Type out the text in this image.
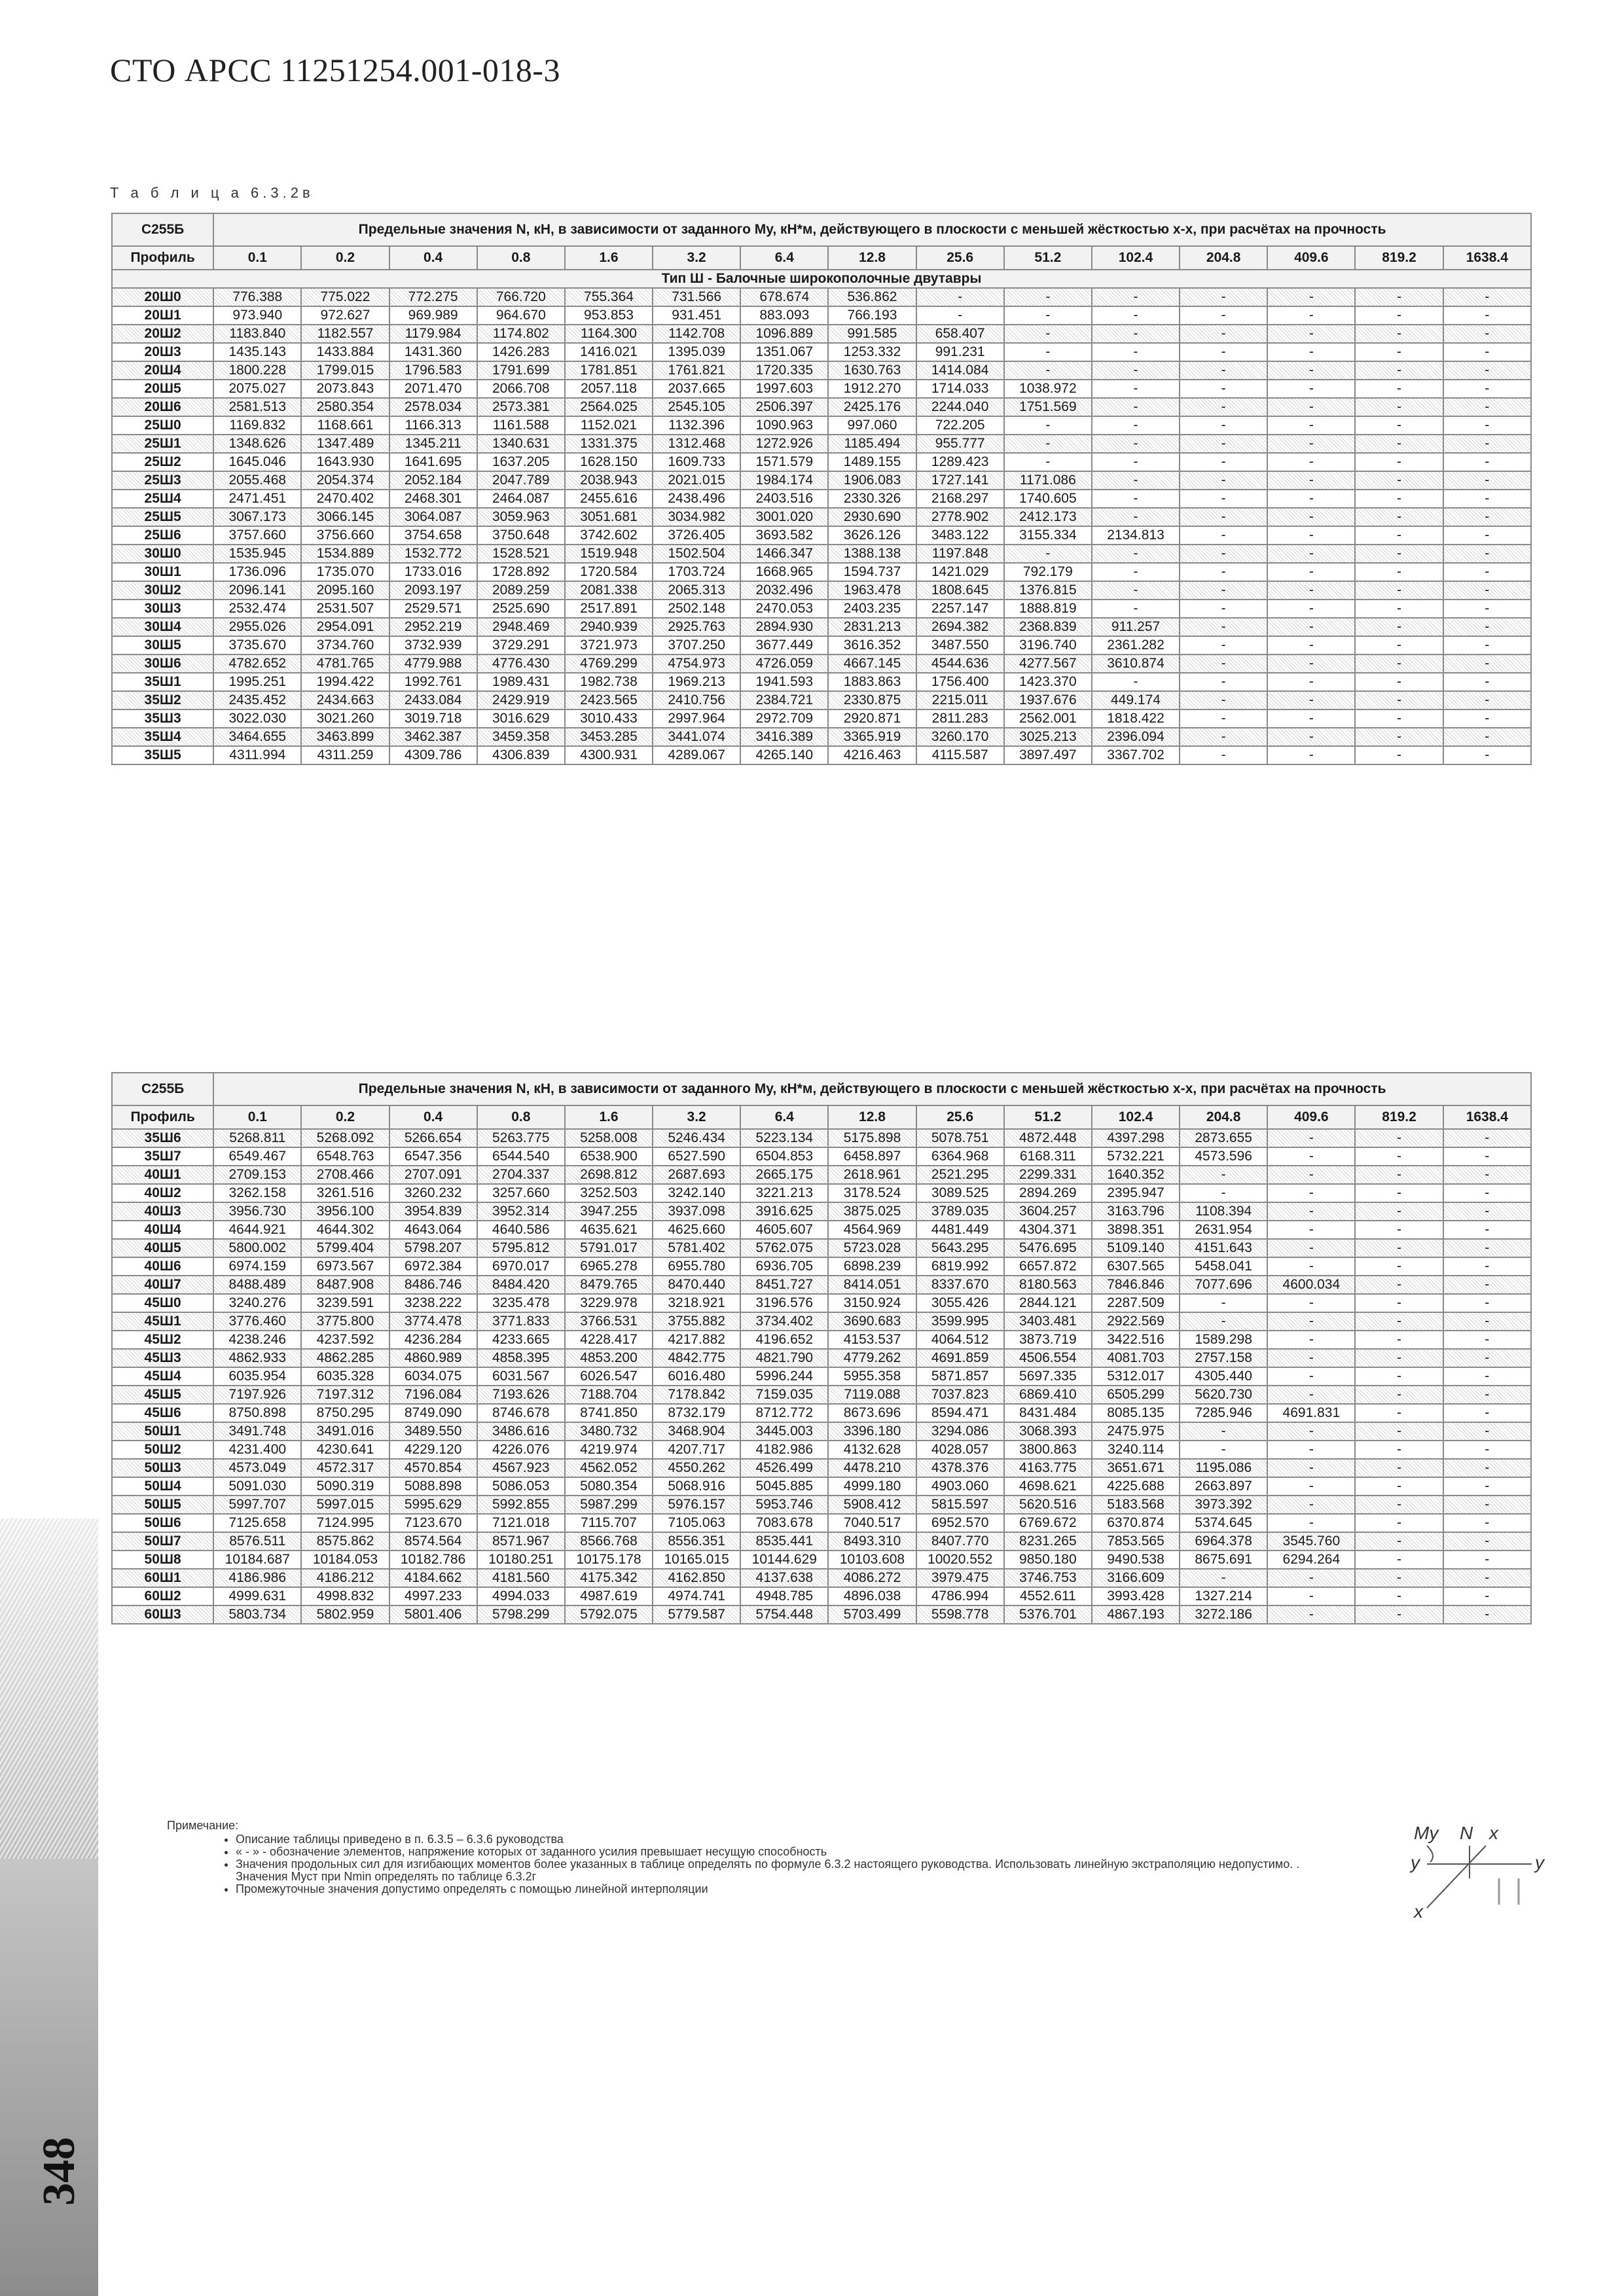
СТО АРСС 11251254.001-018-3
Т а б л и ц а 6.3.2в
С255Б	Предельные значения N, кН, в зависимости от заданного Mу, кН*м, действующего в плоскости с меньшей жёсткостью х-х, при расчётах на прочность														
Профиль	0.1	0.2	0.4	0.8	1.6	3.2	6.4	12.8	25.6	51.2	102.4	204.8	409.6	819.2	1638.4
Тип Ш - Балочные широкополочные двутавры															
20Ш0	776.388	775.022	772.275	766.720	755.364	731.566	678.674	536.862	-	-	-	-	-	-	-
20Ш1	973.940	972.627	969.989	964.670	953.853	931.451	883.093	766.193	-	-	-	-	-	-	-
20Ш2	1183.840	1182.557	1179.984	1174.802	1164.300	1142.708	1096.889	991.585	658.407	-	-	-	-	-	-
20Ш3	1435.143	1433.884	1431.360	1426.283	1416.021	1395.039	1351.067	1253.332	991.231	-	-	-	-	-	-
20Ш4	1800.228	1799.015	1796.583	1791.699	1781.851	1761.821	1720.335	1630.763	1414.084	-	-	-	-	-	-
20Ш5	2075.027	2073.843	2071.470	2066.708	2057.118	2037.665	1997.603	1912.270	1714.033	1038.972	-	-	-	-	-
20Ш6	2581.513	2580.354	2578.034	2573.381	2564.025	2545.105	2506.397	2425.176	2244.040	1751.569	-	-	-	-	-
25Ш0	1169.832	1168.661	1166.313	1161.588	1152.021	1132.396	1090.963	997.060	722.205	-	-	-	-	-	-
25Ш1	1348.626	1347.489	1345.211	1340.631	1331.375	1312.468	1272.926	1185.494	955.777	-	-	-	-	-	-
25Ш2	1645.046	1643.930	1641.695	1637.205	1628.150	1609.733	1571.579	1489.155	1289.423	-	-	-	-	-	-
25Ш3	2055.468	2054.374	2052.184	2047.789	2038.943	2021.015	1984.174	1906.083	1727.141	1171.086	-	-	-	-	-
25Ш4	2471.451	2470.402	2468.301	2464.087	2455.616	2438.496	2403.516	2330.326	2168.297	1740.605	-	-	-	-	-
25Ш5	3067.173	3066.145	3064.087	3059.963	3051.681	3034.982	3001.020	2930.690	2778.902	2412.173	-	-	-	-	-
25Ш6	3757.660	3756.660	3754.658	3750.648	3742.602	3726.405	3693.582	3626.126	3483.122	3155.334	2134.813	-	-	-	-
30Ш0	1535.945	1534.889	1532.772	1528.521	1519.948	1502.504	1466.347	1388.138	1197.848	-	-	-	-	-	-
30Ш1	1736.096	1735.070	1733.016	1728.892	1720.584	1703.724	1668.965	1594.737	1421.029	792.179	-	-	-	-	-
30Ш2	2096.141	2095.160	2093.197	2089.259	2081.338	2065.313	2032.496	1963.478	1808.645	1376.815	-	-	-	-	-
30Ш3	2532.474	2531.507	2529.571	2525.690	2517.891	2502.148	2470.053	2403.235	2257.147	1888.819	-	-	-	-	-
30Ш4	2955.026	2954.091	2952.219	2948.469	2940.939	2925.763	2894.930	2831.213	2694.382	2368.839	911.257	-	-	-	-
30Ш5	3735.670	3734.760	3732.939	3729.291	3721.973	3707.250	3677.449	3616.352	3487.550	3196.740	2361.282	-	-	-	-
30Ш6	4782.652	4781.765	4779.988	4776.430	4769.299	4754.973	4726.059	4667.145	4544.636	4277.567	3610.874	-	-	-	-
35Ш1	1995.251	1994.422	1992.761	1989.431	1982.738	1969.213	1941.593	1883.863	1756.400	1423.370	-	-	-	-	-
35Ш2	2435.452	2434.663	2433.084	2429.919	2423.565	2410.756	2384.721	2330.875	2215.011	1937.676	449.174	-	-	-	-
35Ш3	3022.030	3021.260	3019.718	3016.629	3010.433	2997.964	2972.709	2920.871	2811.283	2562.001	1818.422	-	-	-	-
35Ш4	3464.655	3463.899	3462.387	3459.358	3453.285	3441.074	3416.389	3365.919	3260.170	3025.213	2396.094	-	-	-	-
35Ш5	4311.994	4311.259	4309.786	4306.839	4300.931	4289.067	4265.140	4216.463	4115.587	3897.497	3367.702	-	-	-	-
С255Б	Предельные значения N, кН, в зависимости от заданного Mу, кН*м, действующего в плоскости с меньшей жёсткостью х-х, при расчётах на прочность														
Профиль	0.1	0.2	0.4	0.8	1.6	3.2	6.4	12.8	25.6	51.2	102.4	204.8	409.6	819.2	1638.4
35Ш6	5268.811	5268.092	5266.654	5263.775	5258.008	5246.434	5223.134	5175.898	5078.751	4872.448	4397.298	2873.655	-	-	-
35Ш7	6549.467	6548.763	6547.356	6544.540	6538.900	6527.590	6504.853	6458.897	6364.968	6168.311	5732.221	4573.596	-	-	-
40Ш1	2709.153	2708.466	2707.091	2704.337	2698.812	2687.693	2665.175	2618.961	2521.295	2299.331	1640.352	-	-	-	-
40Ш2	3262.158	3261.516	3260.232	3257.660	3252.503	3242.140	3221.213	3178.524	3089.525	2894.269	2395.947	-	-	-	-
40Ш3	3956.730	3956.100	3954.839	3952.314	3947.255	3937.098	3916.625	3875.025	3789.035	3604.257	3163.796	1108.394	-	-	-
40Ш4	4644.921	4644.302	4643.064	4640.586	4635.621	4625.660	4605.607	4564.969	4481.449	4304.371	3898.351	2631.954	-	-	-
40Ш5	5800.002	5799.404	5798.207	5795.812	5791.017	5781.402	5762.075	5723.028	5643.295	5476.695	5109.140	4151.643	-	-	-
40Ш6	6974.159	6973.567	6972.384	6970.017	6965.278	6955.780	6936.705	6898.239	6819.992	6657.872	6307.565	5458.041	-	-	-
40Ш7	8488.489	8487.908	8486.746	8484.420	8479.765	8470.440	8451.727	8414.051	8337.670	8180.563	7846.846	7077.696	4600.034	-	-
45Ш0	3240.276	3239.591	3238.222	3235.478	3229.978	3218.921	3196.576	3150.924	3055.426	2844.121	2287.509	-	-	-	-
45Ш1	3776.460	3775.800	3774.478	3771.833	3766.531	3755.882	3734.402	3690.683	3599.995	3403.481	2922.569	-	-	-	-
45Ш2	4238.246	4237.592	4236.284	4233.665	4228.417	4217.882	4196.652	4153.537	4064.512	3873.719	3422.516	1589.298	-	-	-
45Ш3	4862.933	4862.285	4860.989	4858.395	4853.200	4842.775	4821.790	4779.262	4691.859	4506.554	4081.703	2757.158	-	-	-
45Ш4	6035.954	6035.328	6034.075	6031.567	6026.547	6016.480	5996.244	5955.358	5871.857	5697.335	5312.017	4305.440	-	-	-
45Ш5	7197.926	7197.312	7196.084	7193.626	7188.704	7178.842	7159.035	7119.088	7037.823	6869.410	6505.299	5620.730	-	-	-
45Ш6	8750.898	8750.295	8749.090	8746.678	8741.850	8732.179	8712.772	8673.696	8594.471	8431.484	8085.135	7285.946	4691.831	-	-
50Ш1	3491.748	3491.016	3489.550	3486.616	3480.732	3468.904	3445.003	3396.180	3294.086	3068.393	2475.975	-	-	-	-
50Ш2	4231.400	4230.641	4229.120	4226.076	4219.974	4207.717	4182.986	4132.628	4028.057	3800.863	3240.114	-	-	-	-
50Ш3	4573.049	4572.317	4570.854	4567.923	4562.052	4550.262	4526.499	4478.210	4378.376	4163.775	3651.671	1195.086	-	-	-
50Ш4	5091.030	5090.319	5088.898	5086.053	5080.354	5068.916	5045.885	4999.180	4903.060	4698.621	4225.688	2663.897	-	-	-
50Ш5	5997.707	5997.015	5995.629	5992.855	5987.299	5976.157	5953.746	5908.412	5815.597	5620.516	5183.568	3973.392	-	-	-
50Ш6	7125.658	7124.995	7123.670	7121.018	7115.707	7105.063	7083.678	7040.517	6952.570	6769.672	6370.874	5374.645	-	-	-
50Ш7	8576.511	8575.862	8574.564	8571.967	8566.768	8556.351	8535.441	8493.310	8407.770	8231.265	7853.565	6964.378	3545.760	-	-
50Ш8	10184.687	10184.053	10182.786	10180.251	10175.178	10165.015	10144.629	10103.608	10020.552	9850.180	9490.538	8675.691	6294.264	-	-
60Ш1	4186.986	4186.212	4184.662	4181.560	4175.342	4162.850	4137.638	4086.272	3979.475	3746.753	3166.609	-	-	-	-
60Ш2	4999.631	4998.832	4997.233	4994.033	4987.619	4974.741	4948.785	4896.038	4786.994	4552.611	3993.428	1327.214	-	-	-
60Ш3	5803.734	5802.959	5801.406	5798.299	5792.075	5779.587	5754.448	5703.499	5598.778	5376.701	4867.193	3272.186	-	-	-
Примечание:
• Описание таблицы приведено в п. 6.3.5 – 6.3.6 руководства
• « - » - обозначение элементов, напряжение которых от заданного усилия превышает несущую способность
• Значения продольных сил для изгибающих моментов более указанных в таблице определять по формуле 6.3.2 настоящего руководства. Использовать линейную экстраполяцию недопустимо. . Значения Mуст при Nmin определять по таблице 6.3.2г
• Промежуточные значения допустимо определять с помощью линейной интерполяции
My N x
y	y
x
348
